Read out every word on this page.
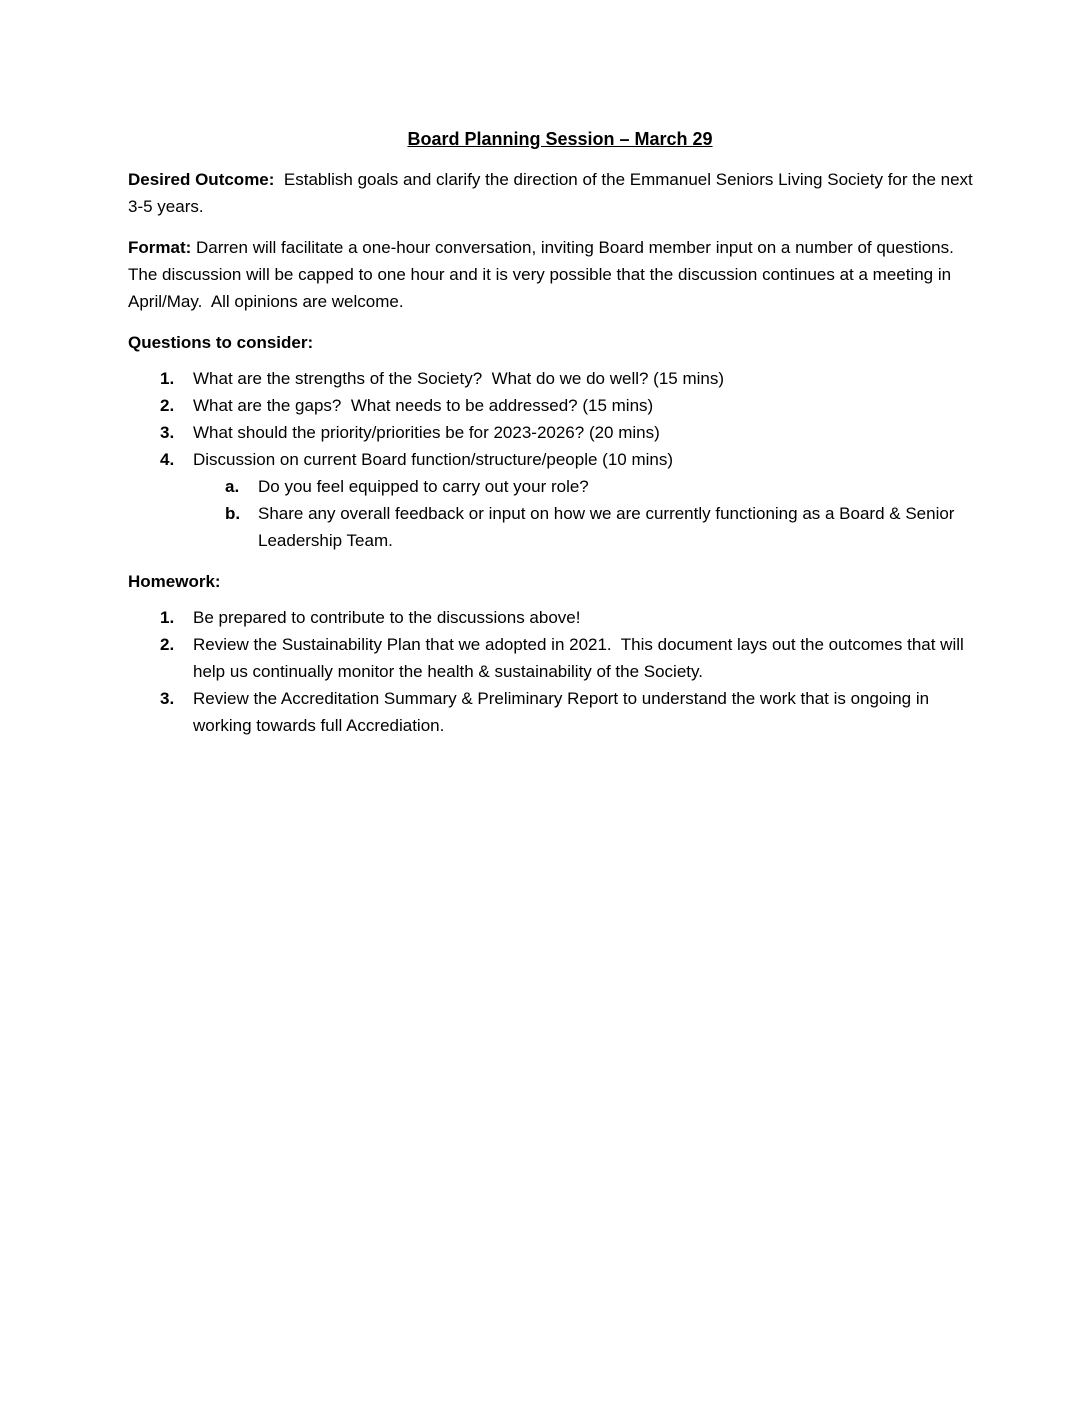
Board Planning Session – March 29

Desired Outcome:  Establish goals and clarify the direction of the Emmanuel Seniors Living Society for the next 3-5 years.

Format: Darren will facilitate a one-hour conversation, inviting Board member input on a number of questions.  The discussion will be capped to one hour and it is very possible that the discussion continues at a meeting in April/May.  All opinions are welcome.

Questions to consider:

1.	What are the strengths of the Society?  What do we do well? (15 mins)
2.	What are the gaps?  What needs to be addressed? (15 mins)
3.	What should the priority/priorities be for 2023-2026? (20 mins)
4.	Discussion on current Board function/structure/people (10 mins)
a.	Do you feel equipped to carry out your role?
b.	Share any overall feedback or input on how we are currently functioning as a Board & Senior Leadership Team.

Homework:

1.	Be prepared to contribute to the discussions above!
2.	Review the Sustainability Plan that we adopted in 2021.  This document lays out the outcomes that will help us continually monitor the health & sustainability of the Society.
3.	Review the Accreditation Summary & Preliminary Report to understand the work that is ongoing in working towards full Accrediation.
